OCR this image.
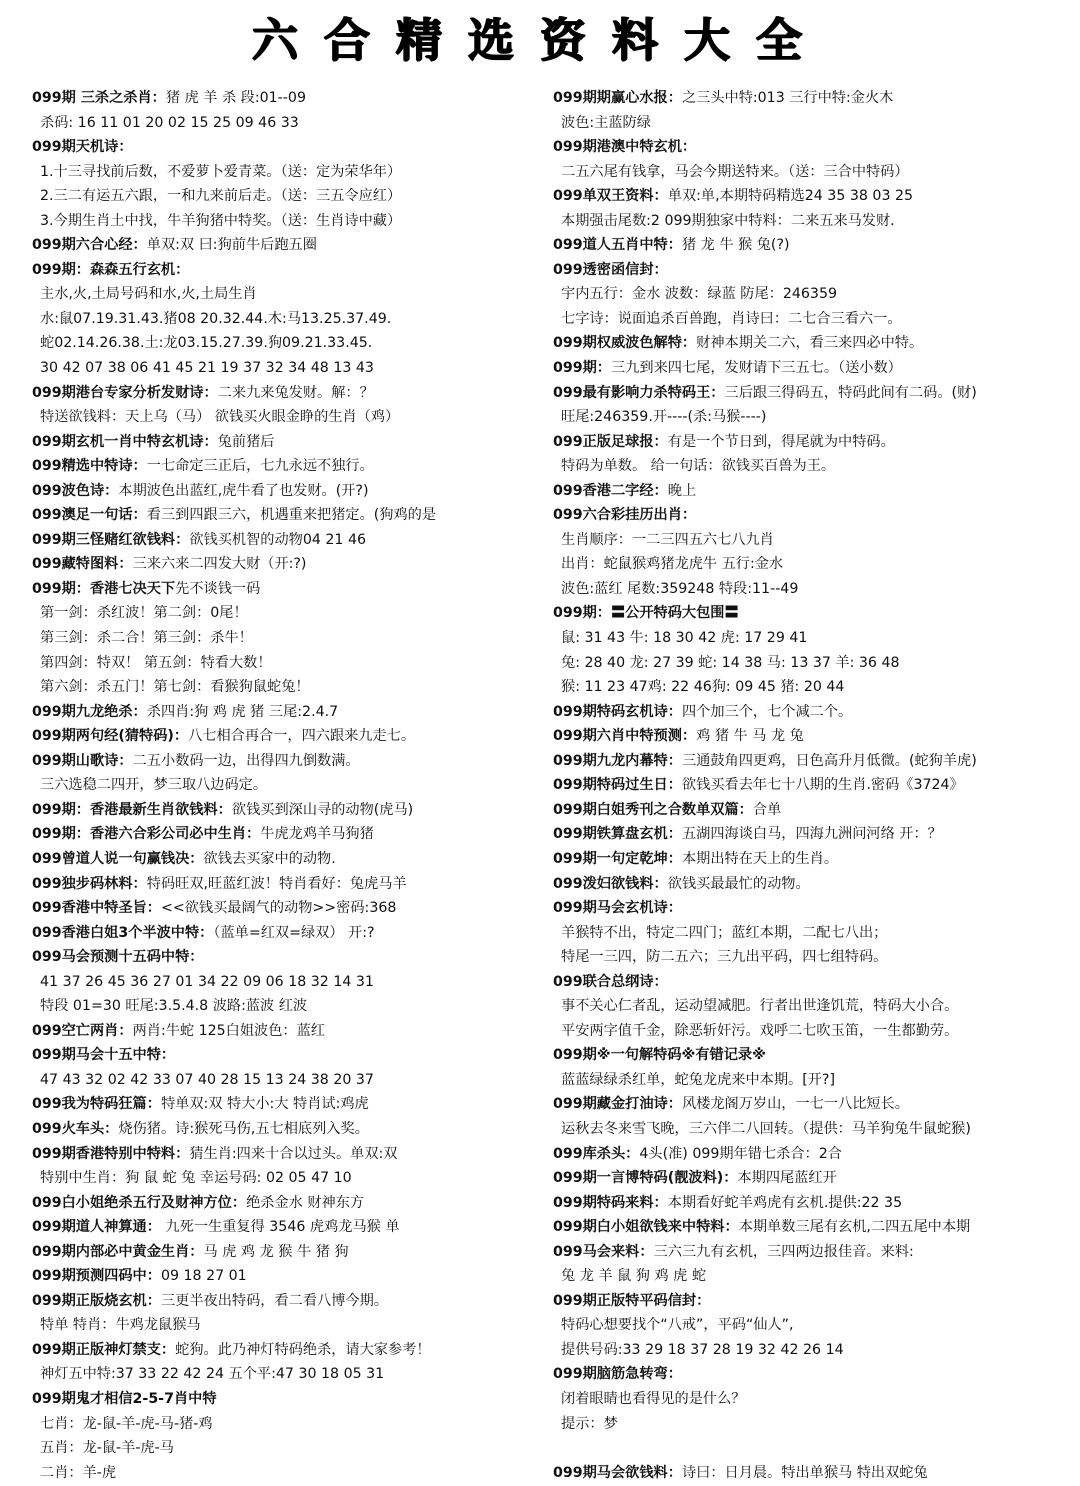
六合精选资料大全
099期 三杀之杀肖：猪 虎 羊 杀 段:01--09
杀码: 16 11 01 20 02 15 25 09 46 33
099期天机诗：
1.十三寻找前后数，不爱萝卜爱青菜。（送：定为荣华年）
2.三二有运五六跟，一和九来前后走。（送：三五令应红）
3.今期生肖土中找，牛羊狗猪中特奖。（送：生肖诗中藏）
099期六合心经：单双:双 曰:狗前牛后跑五圈
099期：森森五行玄机：
主水,火,土局号码和水,火,土局生肖
水:鼠07.19.31.43.猪08 20.32.44.木:马13.25.37.49.
蛇02.14.26.38.土:龙03.15.27.39.狗09.21.33.45.
30 42 07 38 06 41 45 21 19 37 32 34 48 13 43
099期港台专家分析发财诗：二来九来兔发财。解：？
特送欲钱料：天上乌（马） 欲钱买火眼金睁的生肖（鸡）
099期玄机一肖中特玄机诗：兔前猪后
099精选中特诗：一七命定三正后，七九永远不独行。
099波色诗：本期波色出蓝红,虎牛看了也发财。(开?)
099澳足一句话：看三到四跟三六，机遇重来把猪定。(狗鸡的是
099期三怪赌红欲钱料：欲钱买机智的动物04 21 46
099藏特图料：三来六来二四发大财（开:?)
099期：香港七决天下先不谈钱一码
第一剑：杀红波！第二剑：0尾！
第三剑：杀二合！第三剑：杀牛！
第四剑：特双！ 第五剑：特看大数！
第六剑：杀五门！第七剑：看猴狗鼠蛇兔！
099期九龙绝杀：杀四肖:狗 鸡 虎 猪 三尾:2.4.7
099期两句经(猜特码)：八七相合再合一，四六跟来九走七。
099期山歌诗：二五小数码一边，出得四九倒数满。
三六选稳二四开，梦三取八边码定。
099期：香港最新生肖欲钱料：欲钱买到深山寻的动物(虎马)
099期：香港六合彩公司必中生肖：牛虎龙鸡羊马狗猪
099曾道人说一句赢钱决：欲钱去买家中的动物.
099独步码林料：特码旺双,旺蓝红波！特肖看好：兔虎马羊
099香港中特圣旨：<<欲钱买最阔气的动物>>密码:368
099香港白姐3个半波中特：（蓝单=红双=绿双） 开:?
099马会预测十五码中特：
41 37 26 45 36 27 01 34 22 09 06 18 32 14 31
特段 01=30 旺尾:3.5.4.8 波路:蓝波 红波
099空亡两肖：两肖:牛蛇 125白姐波色：蓝红
099期马会十五中特：
47 43 32 02 42 33 07 40 28 15 13 24 38 20 37
099我为特码狂篇：特单双:双 特大小:大 特肖试:鸡虎
099火车头：烧伤猪。诗:猴死马伤,五七相底列入奖。
099期香港特别中特料：猜生肖:四来十合以过头。单双:双
特别中生肖：狗 鼠 蛇 兔 幸运号码: 02 05 47 10
099白小姐绝杀五行及财神方位：绝杀金水 财神东方
099期道人神算通： 九死一生重复得 3546 虎鸡龙马猴 单
099期内部必中黄金生肖：马 虎 鸡 龙 猴 牛 猪 狗
099期预测四码中：09 18 27 01
099期正版烧玄机：三更半夜出特码，看二看八博今期。
特单 特肖：牛鸡龙鼠猴马
099期正版神灯禁支：蛇狗。此乃神灯特码绝杀，请大家参考！
神灯五中特:37 33 22 42 24 五个平:47 30 18 05 31
099期鬼才相信2-5-7肖中特
七肖：龙-鼠-羊-虎-马-猪-鸡
五肖：龙-鼠-羊-虎-马
二肖：羊-虎
099期期赢心水报：之三头中特:013 三行中特:金火木
波色:主蓝防绿
099期港澳中特玄机：
二五六尾有钱拿，马会今期送特来。（送：三合中特码）
099单双王资料：单双:单,本期特码精选24 35 38 03 25
本期强击尾数:2 099期独家中特料：二来五来马发财.
099道人五肖中特：猪 龙 牛 猴 兔(?)
099透密函信封：
宇内五行：金水 波数：绿蓝 防尾：246359
七字诗：说面追杀百兽跑，肖诗曰：二七合三看六一。
099期权威波色解特：财神本期关二六，看三来四必中特。
099期：三九到来四七尾，发财请下三五七。（送小数）
099最有影响力杀特码王：三后跟三得码五，特码此间有二码。(财)
旺尾:246359.开----(杀:马猴----)
099正版足球报：有是一个节日到，得尾就为中特码。
特码为单数。 给一句话：欲钱买百兽为王。
099香港二字经：晚上
099六合彩挂历出肖：
生肖顺序：一二三四五六七八九肖
出肖：蛇鼠猴鸡猪龙虎牛 五行:金水
波色:蓝红 尾数:359248 特段:11--49
099期：〓公开特码大包围〓
鼠: 31 43 牛: 18 30 42 虎: 17 29 41
兔: 28 40 龙: 27 39 蛇: 14 38 马: 13 37 羊: 36 48
猴: 11 23 47鸡: 22 46狗: 09 45 猪: 20 44
099期特码玄机诗：四个加三个，七个减二个。
099期六肖中特预测：鸡 猪 牛 马 龙 兔
099期九龙内幕特：三通鼓角四更鸡，日色高升月低微。(蛇狗羊虎)
099期特码过生日：欲钱买看去年七十八期的生肖.密码《3724》
099期白姐秀刊之合数单双篇：合单
099期铁算盘玄机：五湖四海谈白马，四海九洲问河络 开：？
099期一句定乾坤：本期出特在天上的生肖。
099泼妇欲钱料：欲钱买最最忙的动物。
099期马会玄机诗：
羊猴特不出，特定二四门；蓝红本期，二配七八出；
特尾一三四，防二五六；三九出平码，四七组特码。
099联合总纲诗：
事不关心仁者乱，运动望减肥。行者出世逢饥荒，特码大小合。
平安两字值千金，除恶斩奸污。戏呼二七吹玉笛，一生都勤劳。
099期※一句解特码※有错记录※
蓝蓝绿绿杀红单，蛇兔龙虎来中本期。[开?]
099期藏金打油诗：风楼龙阁万岁山，一七一八比短长。
运秋去冬来雪飞晚，三六伴二八回转。（提供：马羊狗兔牛鼠蛇猴)
099库杀头：4头(准) 099期年错七杀合：2合
099期一言博特码(靓波料)：本期四尾蓝红开
099期特码来料：本期看好蛇羊鸡虎有玄机.提供:22 35
099期白小姐欲钱来中特料：本期单数三尾有玄机,二四五尾中本期
099马会来料：三六三九有玄机，三四两边报佳音。来料:
兔 龙 羊 鼠 狗 鸡 虎 蛇
099期正版特平码信封：
特码心想要找个“八戒”，平码“仙人”,
提供号码:33 29 18 37 28 19 32 42 26 14
099期脑筋急转弯：
闭着眼睛也看得见的是什么？
提示：梦
099期马会欲钱料：诗曰：日月晨。特出单猴马 特出双蛇兔
